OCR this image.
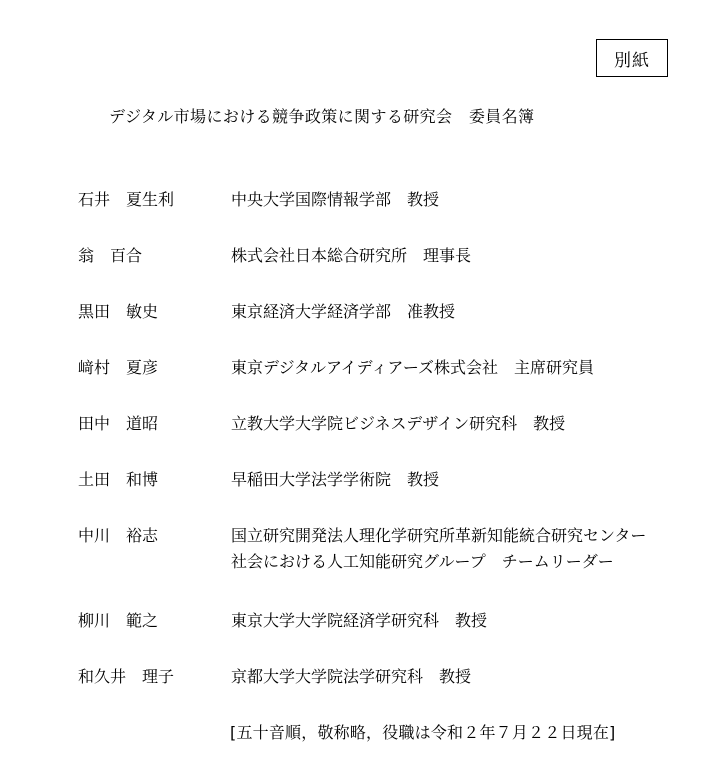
別紙
デジタル市場における競争政策に関する研究会　委員名簿
石井　夏生利	中央大学国際情報学部　教授
翁　百合	株式会社日本総合研究所　理事長
黒田　敏史	東京経済大学経済学部　准教授
﨑村　夏彦	東京デジタルアイディアーズ株式会社　主席研究員
田中　道昭	立教大学大学院ビジネスデザイン研究科　教授
土田　和博	早稲田大学法学学術院　教授
中川　裕志	国立研究開発法人理化学研究所革新知能統合研究センター
社会における人工知能研究グループ　チームリーダー
柳川　範之	東京大学大学院経済学研究科　教授
和久井　理子	京都大学大学院法学研究科　教授
[五十音順，敬称略，役職は令和２年７月２２日現在]
